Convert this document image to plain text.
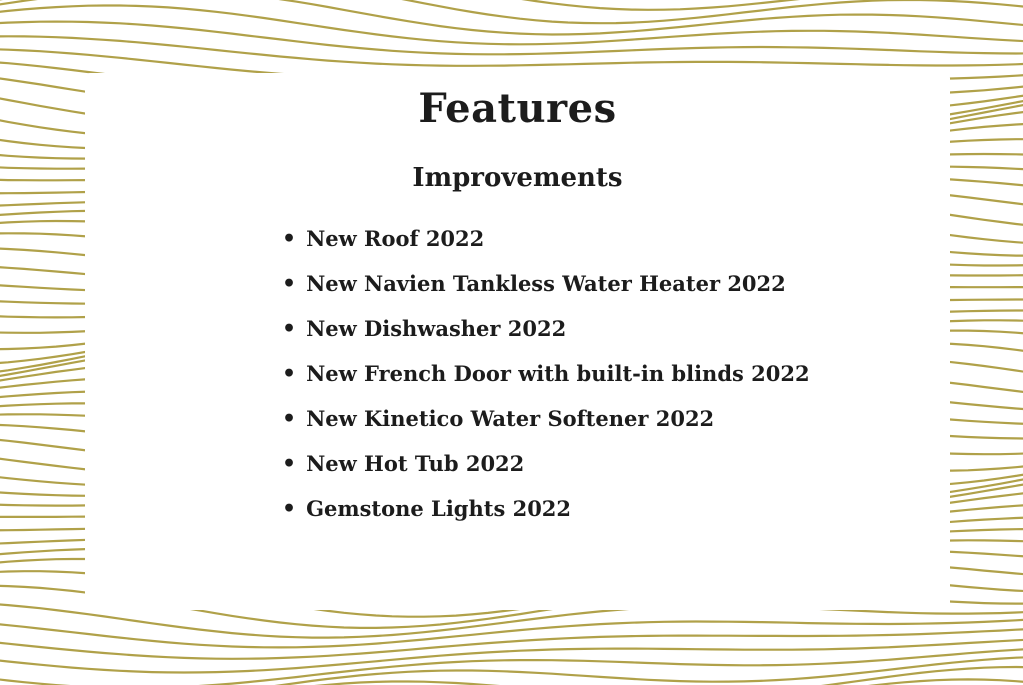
Features
Improvements
• New Roof 2022
• New Navien Tankless Water Heater 2022
• New Dishwasher 2022
• New French Door with built-in blinds 2022
• New Kinetico Water Softener 2022
• New Hot Tub 2022
• Gemstone Lights 2022
